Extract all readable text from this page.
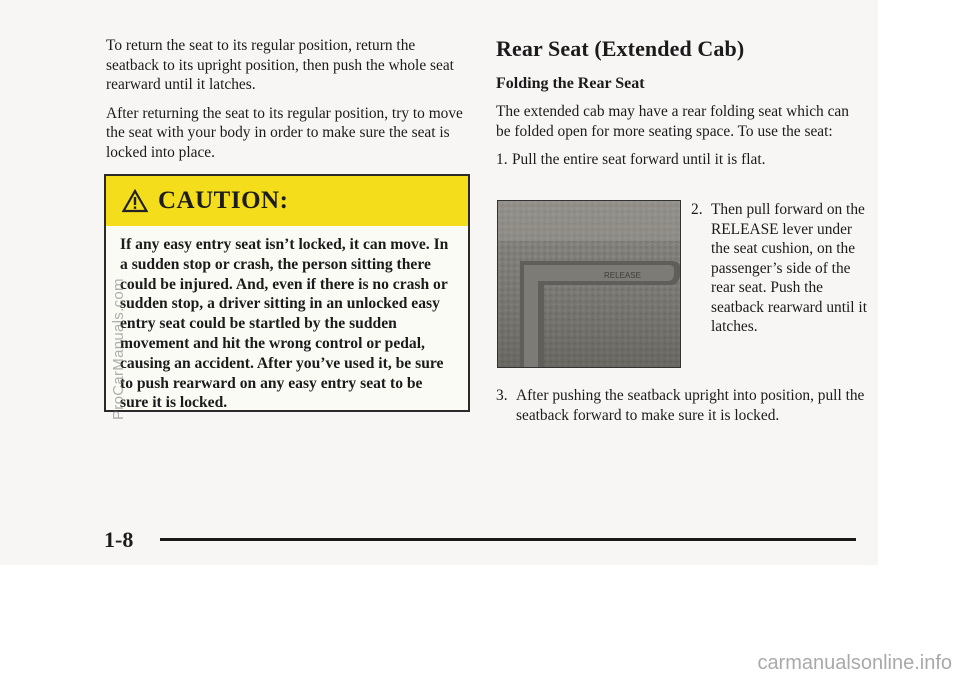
To return the seat to its regular position, return the seatback to its upright position, then push the whole seat rearward until it latches.

After returning the seat to its regular position, try to move the seat with your body in order to make sure the seat is locked into place.

CAUTION:
If any easy entry seat isn’t locked, it can move. In a sudden stop or crash, the person sitting there could be injured. And, even if there is no crash or sudden stop, a driver sitting in an unlocked easy entry seat could be startled by the sudden movement and hit the wrong control or pedal, causing an accident. After you’ve used it, be sure to push rearward on any easy entry seat to be sure it is locked.
Rear Seat (Extended Cab)
Folding the Rear Seat

The extended cab may have a rear folding seat which can be folded open for more seating space. To use the seat:

1. Pull the entire seat forward until it is flat.
RELEASE
2. Then pull forward on the RELEASE lever under the seat cushion, on the passenger’s side of the rear seat. Push the seatback rearward until it latches.
3. After pushing the seatback upright into position, pull the seatback forward to make sure it is locked.
1-8
ProCarManuals.com
carmanualsonline.info
